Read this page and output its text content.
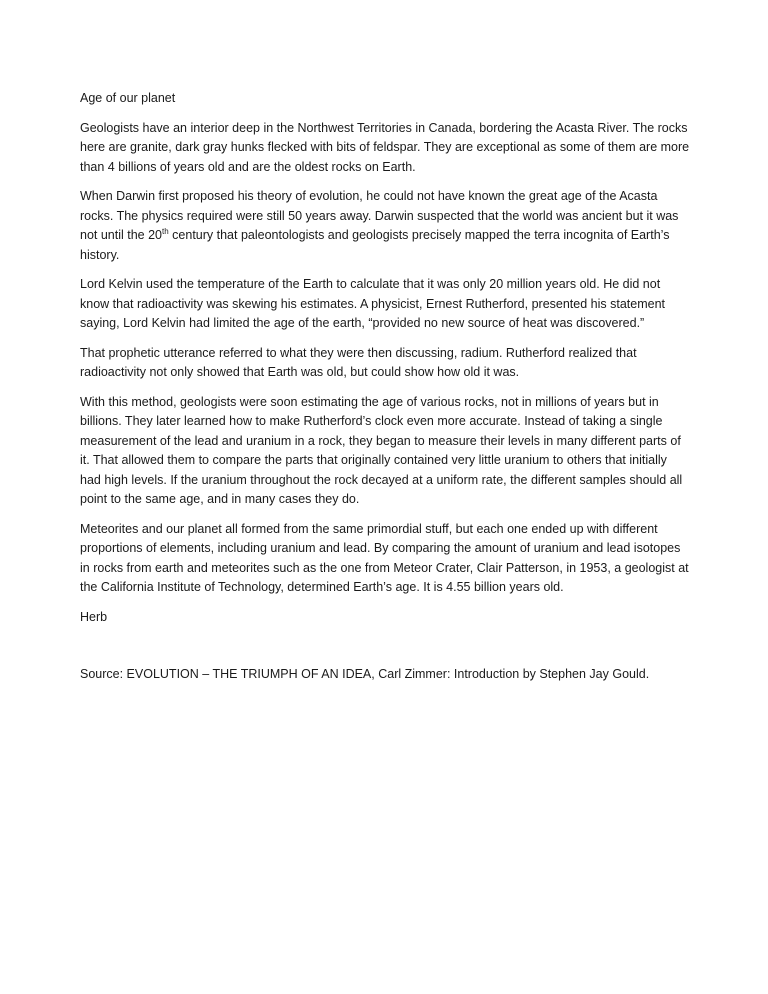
Age of our planet

Geologists have an interior deep in the Northwest Territories in Canada, bordering the Acasta River. The rocks here are granite, dark gray hunks flecked with bits of feldspar. They are exceptional as some of them are more than 4 billions of years old and are the oldest rocks on Earth.

When Darwin first proposed his theory of evolution, he could not have known the great age of the Acasta rocks. The physics required were still 50 years away. Darwin suspected that the world was ancient but it was not until the 20th century that paleontologists and geologists precisely mapped the terra incognita of Earth’s history.

Lord Kelvin used the temperature of the Earth to calculate that it was only 20 million years old. He did not know that radioactivity was skewing his estimates. A physicist, Ernest Rutherford, presented his statement saying, Lord Kelvin had limited the age of the earth, “provided no new source of heat was discovered.”

That prophetic utterance referred to what they were then discussing, radium. Rutherford realized that radioactivity not only showed that Earth was old, but could show how old it was.

With this method, geologists were soon estimating the age of various rocks, not in millions of years but in billions. They later learned how to make Rutherford’s clock even more accurate. Instead of taking a single measurement of the lead and uranium in a rock, they began to measure their levels in many different parts of it. That allowed them to compare the parts that originally contained very little uranium to others that initially had high levels. If the uranium throughout the rock decayed at a uniform rate, the different samples should all point to the same age, and in many cases they do.

Meteorites and our planet all formed from the same primordial stuff, but each one ended up with different proportions of elements, including uranium and lead. By comparing the amount of uranium and lead isotopes in rocks from earth and meteorites such as the one from Meteor Crater, Clair Patterson, in 1953, a geologist at the California Institute of Technology, determined Earth’s age. It is 4.55 billion years old.

Herb

Source: EVOLUTION – THE TRIUMPH OF AN IDEA, Carl Zimmer: Introduction by Stephen Jay Gould.
